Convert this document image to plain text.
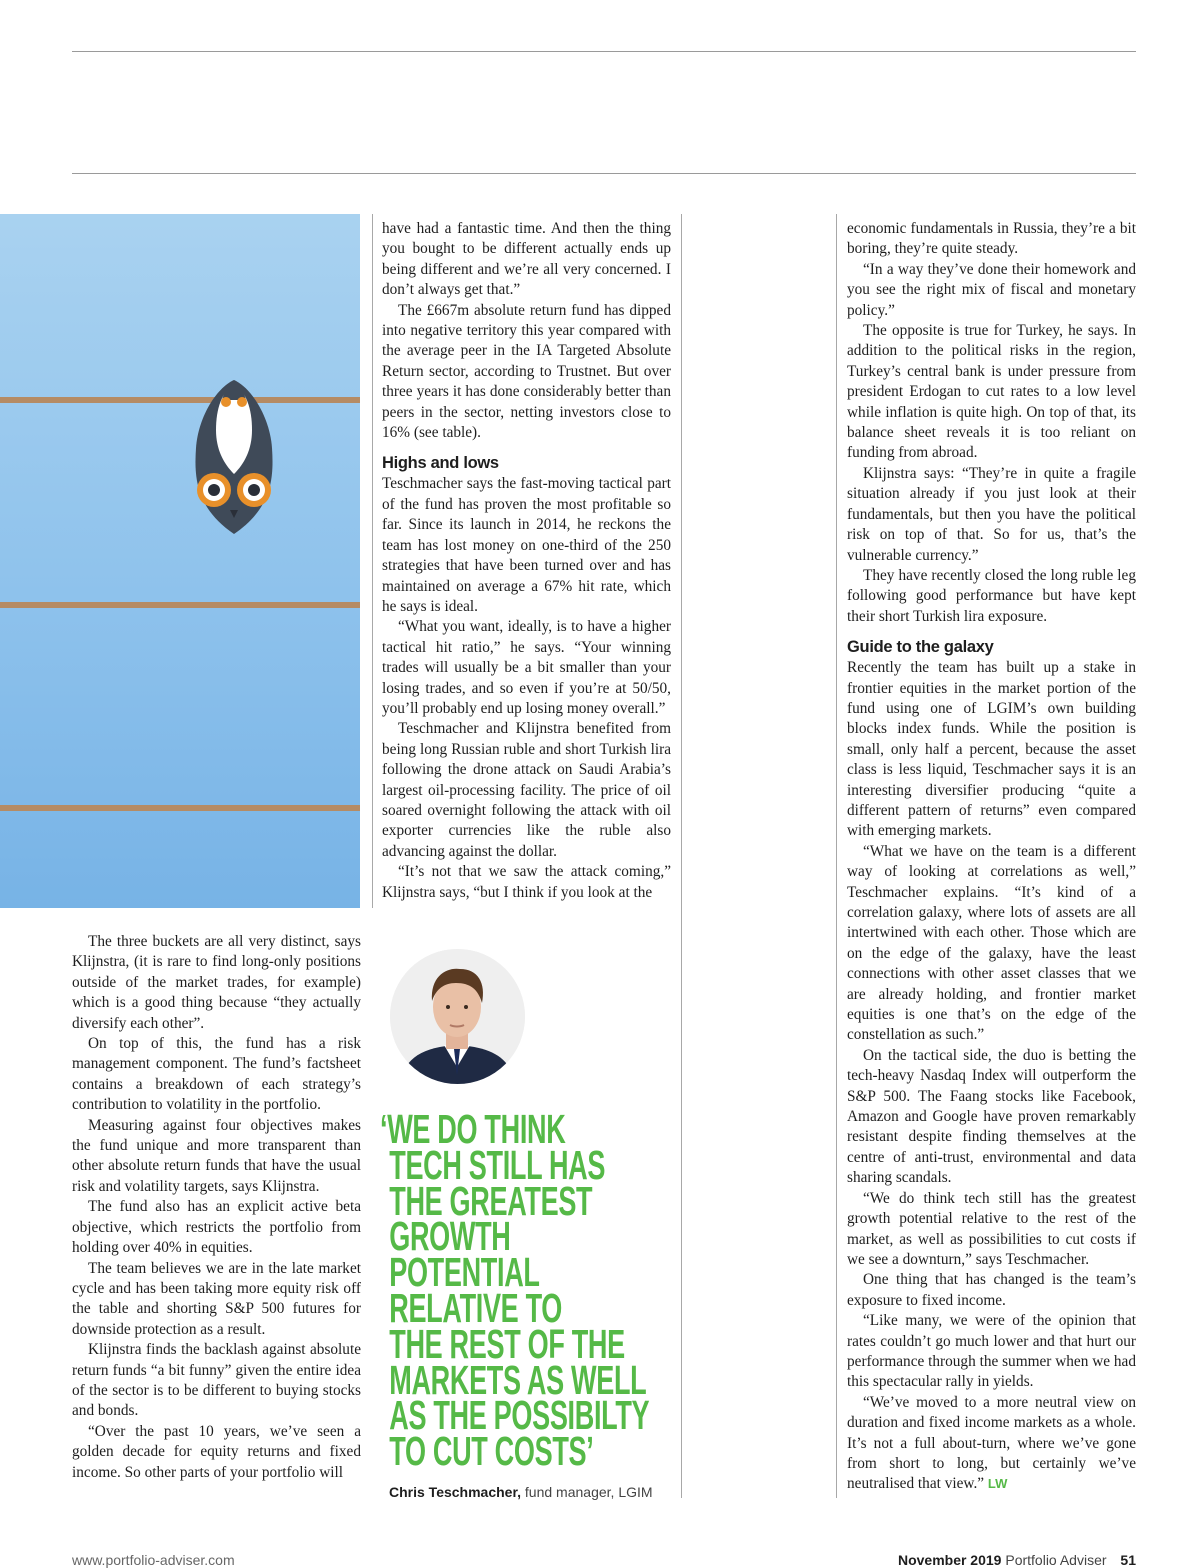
have had a fantastic time. And then the thing you bought to be different actually ends up being different and we’re all very concerned. I don’t always get that.”

The £667m absolute return fund has dipped into negative territory this year compared with the average peer in the IA Targeted Absolute Return sector, according to Trustnet. But over three years it has done considerably better than peers in the sector, netting investors close to 16% (see table).

Highs and lows

Teschmacher says the fast-moving tactical part of the fund has proven the most profitable so far. Since its launch in 2014, he reckons the team has lost money on one-third of the 250 strategies that have been turned over and has maintained on average a 67% hit rate, which he says is ideal.

“What you want, ideally, is to have a higher tactical hit ratio,” he says. “Your winning trades will usually be a bit smaller than your losing trades, and so even if you’re at 50/50, you’ll probably end up losing money overall.”

Teschmacher and Klijnstra benefited from being long Russian ruble and short Turkish lira following the drone attack on Saudi Arabia’s largest oil-processing facility. The price of oil soared overnight following the attack with oil exporter currencies like the ruble also advancing against the dollar.

“It’s not that we saw the attack coming,” Klijnstra says, “but I think if you look at the

The three buckets are all very distinct, says Klijnstra, (it is rare to find long-only positions outside of the market trades, for example) which is a good thing because “they actually diversify each other”.

On top of this, the fund has a risk management component. The fund’s factsheet contains a breakdown of each strategy’s contribution to volatility in the portfolio.

Measuring against four objectives makes the fund unique and more transparent than other absolute return funds that have the usual risk and volatility targets, says Klijnstra.

The fund also has an explicit active beta objective, which restricts the portfolio from holding over 40% in equities.

The team believes we are in the late market cycle and has been taking more equity risk off the table and shorting S&P 500 futures for downside protection as a result.

Klijnstra finds the backlash against absolute return funds “a bit funny” given the entire idea of the sector is to be different to buying stocks and bonds.

“Over the past 10 years, we’ve seen a golden decade for equity returns and fixed income. So other parts of your portfolio will

economic fundamentals in Russia, they’re a bit boring, they’re quite steady.

“In a way they’ve done their homework and you see the right mix of fiscal and monetary policy.”

The opposite is true for Turkey, he says. In addition to the political risks in the region, Turkey’s central bank is under pressure from president Erdogan to cut rates to a low level while inflation is quite high. On top of that, its balance sheet reveals it is too reliant on funding from abroad.

Klijnstra says: “They’re in quite a fragile situation already if you just look at their fundamentals, but then you have the political risk on top of that. So for us, that’s the vulnerable currency.”

They have recently closed the long ruble leg following good performance but have kept their short Turkish lira exposure.

Guide to the galaxy

Recently the team has built up a stake in frontier equities in the market portion of the fund using one of LGIM’s own building blocks index funds. While the position is small, only half a percent, because the asset class is less liquid, Teschmacher says it is an interesting diversifier producing “quite a different pattern of returns” even compared with emerging markets.

“What we have on the team is a different way of looking at correlations as well,” Teschmacher explains. “It’s kind of a correlation galaxy, where lots of assets are all intertwined with each other. Those which are on the edge of the galaxy, have the least connections with other asset classes that we are already holding, and frontier market equities is one that’s on the edge of the constellation as such.”

On the tactical side, the duo is betting the tech-heavy Nasdaq Index will outperform the S&P 500. The Faang stocks like Facebook, Amazon and Google have proven remarkably resistant despite finding themselves at the centre of anti-trust, environmental and data sharing scandals.

“We do think tech still has the greatest growth potential relative to the rest of the market, as well as possibilities to cut costs if we see a downturn,” says Teschmacher.

One thing that has changed is the team’s exposure to fixed income.

“Like many, we were of the opinion that rates couldn’t go much lower and that hurt our performance through the summer when we had this spectacular rally in yields.

“We’ve moved to a more neutral view on duration and fixed income markets as a whole. It’s not a full about-turn, where we’ve gone from short to long, but certainly we’ve neutralised that view.” LW

‘WE DO THINK
TECH STILL HAS
THE GREATEST
GROWTH
POTENTIAL
RELATIVE TO
THE REST OF THE
MARKETS AS WELL
AS THE POSSIBILTY
TO CUT COSTS’
Chris Teschmacher, fund manager, LGIM
www.portfolio-adviser.com	November 2019 Portfolio Adviser 51
